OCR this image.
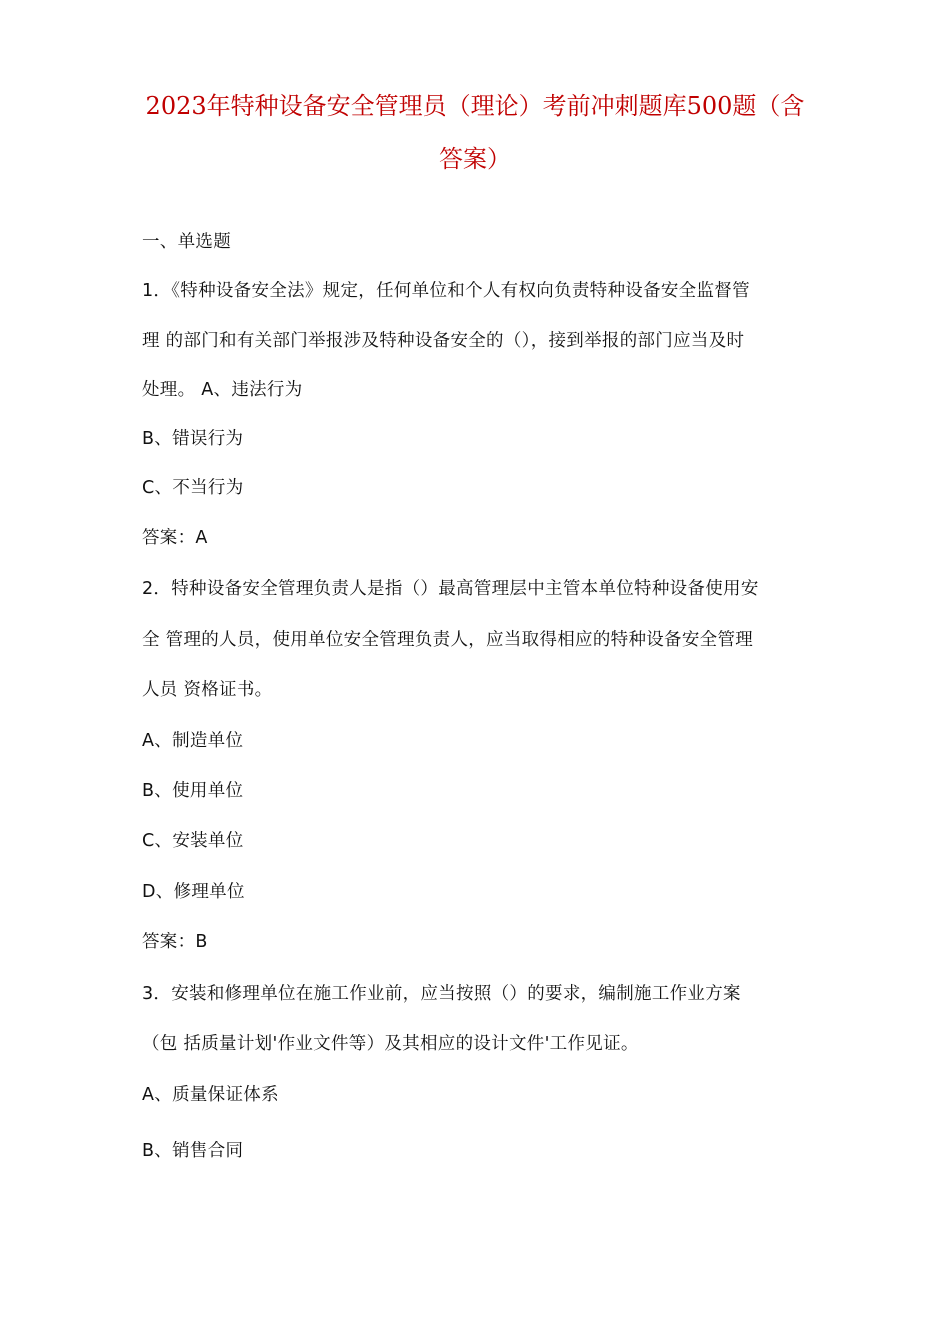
2023年特种设备安全管理员（理论）考前冲刺题库500题（含
答案）
一、单选题
1．《特种设备安全法》规定，任何单位和个人有权向负责特种设备安全监督管
理 的部门和有关部门举报涉及特种设备安全的（），接到举报的部门应当及时
处理。 A、违法行为
B、错误行为
C、不当行为
答案：A
2．特种设备安全管理负责人是指（）最高管理层中主管本单位特种设备使用安
全 管理的人员，使用单位安全管理负责人，应当取得相应的特种设备安全管理
人员 资格证书。
A、制造单位
B、使用单位
C、安装单位
D、修理单位
答案：B
3．安装和修理单位在施工作业前，应当按照（）的要求，编制施工作业方案
（包 括质量计划'作业文件等）及其相应的设计文件'工作见证。
A、质量保证体系
B、销售合同
